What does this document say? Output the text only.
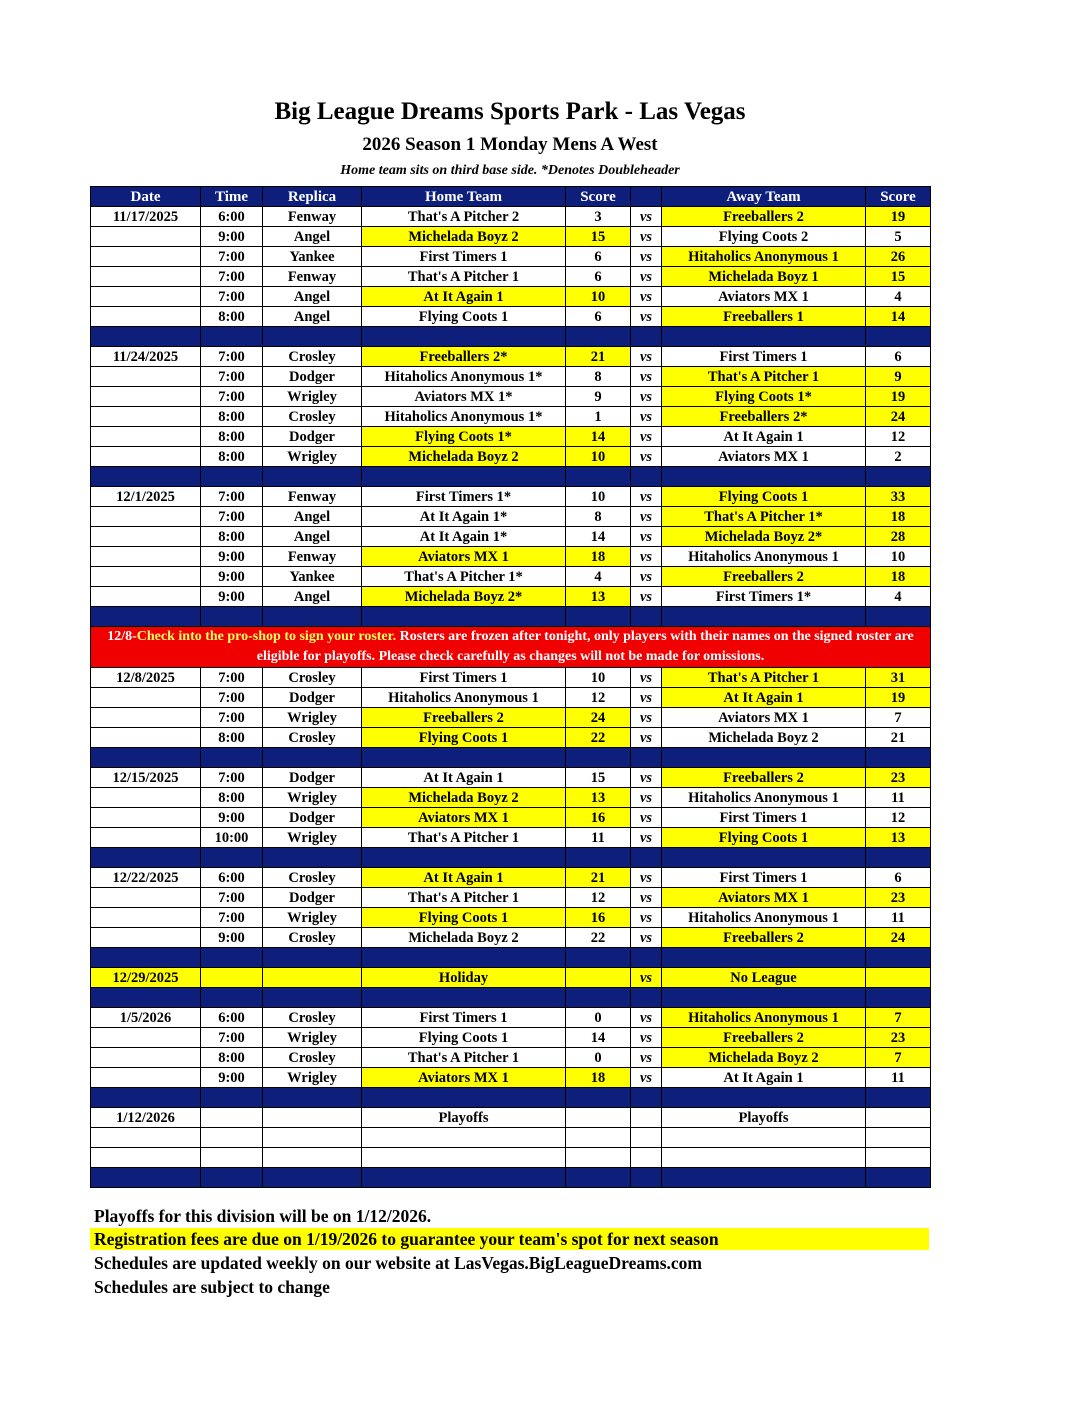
Big League Dreams Sports Park - Las Vegas
2026 Season 1 Monday Mens A West
Home team sits on third base side. *Denotes Doubleheader
Date	Time	Replica	Home Team	Score		Away Team	Score
11/17/2025	6:00	Fenway	That's A Pitcher 2	3	vs	Freeballers 2	19
	9:00	Angel	Michelada Boyz 2	15	vs	Flying Coots 2	5
	7:00	Yankee	First Timers 1	6	vs	Hitaholics Anonymous 1	26
	7:00	Fenway	That's A Pitcher 1	6	vs	Michelada Boyz 1	15
	7:00	Angel	At It Again 1	10	vs	Aviators MX 1	4
	8:00	Angel	Flying Coots 1	6	vs	Freeballers 1	14

11/24/2025	7:00	Crosley	Freeballers 2*	21	vs	First Timers 1	6
	7:00	Dodger	Hitaholics Anonymous 1*	8	vs	That's A Pitcher 1	9
	7:00	Wrigley	Aviators MX 1*	9	vs	Flying Coots 1*	19
	8:00	Crosley	Hitaholics Anonymous 1*	1	vs	Freeballers 2*	24
	8:00	Dodger	Flying Coots 1*	14	vs	At It Again 1	12
	8:00	Wrigley	Michelada Boyz 2	10	vs	Aviators MX 1	2

12/1/2025	7:00	Fenway	First Timers 1*	10	vs	Flying Coots 1	33
	7:00	Angel	At It Again 1*	8	vs	That's A Pitcher 1*	18
	8:00	Angel	At It Again 1*	14	vs	Michelada Boyz 2*	28
	9:00	Fenway	Aviators MX 1	18	vs	Hitaholics Anonymous 1	10
	9:00	Yankee	That's A Pitcher 1*	4	vs	Freeballers 2	18
	9:00	Angel	Michelada Boyz 2*	13	vs	First Timers 1*	4

12/8-Check into the pro-shop to sign your roster. Rosters are frozen after tonight, only players with their names on the signed roster are eligible for playoffs. Please check carefully as changes will not be made for omissions.							
12/8/2025	7:00	Crosley	First Timers 1	10	vs	That's A Pitcher 1	31
	7:00	Dodger	Hitaholics Anonymous 1	12	vs	At It Again 1	19
	7:00	Wrigley	Freeballers 2	24	vs	Aviators MX 1	7
	8:00	Crosley	Flying Coots 1	22	vs	Michelada Boyz 2	21

12/15/2025	7:00	Dodger	At It Again 1	15	vs	Freeballers 2	23
	8:00	Wrigley	Michelada Boyz 2	13	vs	Hitaholics Anonymous 1	11
	9:00	Dodger	Aviators MX 1	16	vs	First Timers 1	12
	10:00	Wrigley	That's A Pitcher 1	11	vs	Flying Coots 1	13

12/22/2025	6:00	Crosley	At It Again 1	21	vs	First Timers 1	6
	7:00	Dodger	That's A Pitcher 1	12	vs	Aviators MX 1	23
	7:00	Wrigley	Flying Coots 1	16	vs	Hitaholics Anonymous 1	11
	9:00	Crosley	Michelada Boyz 2	22	vs	Freeballers 2	24

12/29/2025			Holiday		vs	No League	

1/5/2026	6:00	Crosley	First Timers 1	0	vs	Hitaholics Anonymous 1	7
	7:00	Wrigley	Flying Coots 1	14	vs	Freeballers 2	23
	8:00	Crosley	That's A Pitcher 1	0	vs	Michelada Boyz 2	7
	9:00	Wrigley	Aviators MX 1	18	vs	At It Again 1	11

1/12/2026			Playoffs			Playoffs	

Playoffs for this division will be on 1/12/2026.
Registration fees are due on 1/19/2026 to guarantee your team's spot for next season
Schedules are updated weekly on our website at LasVegas.BigLeagueDreams.com
Schedules are subject to change
